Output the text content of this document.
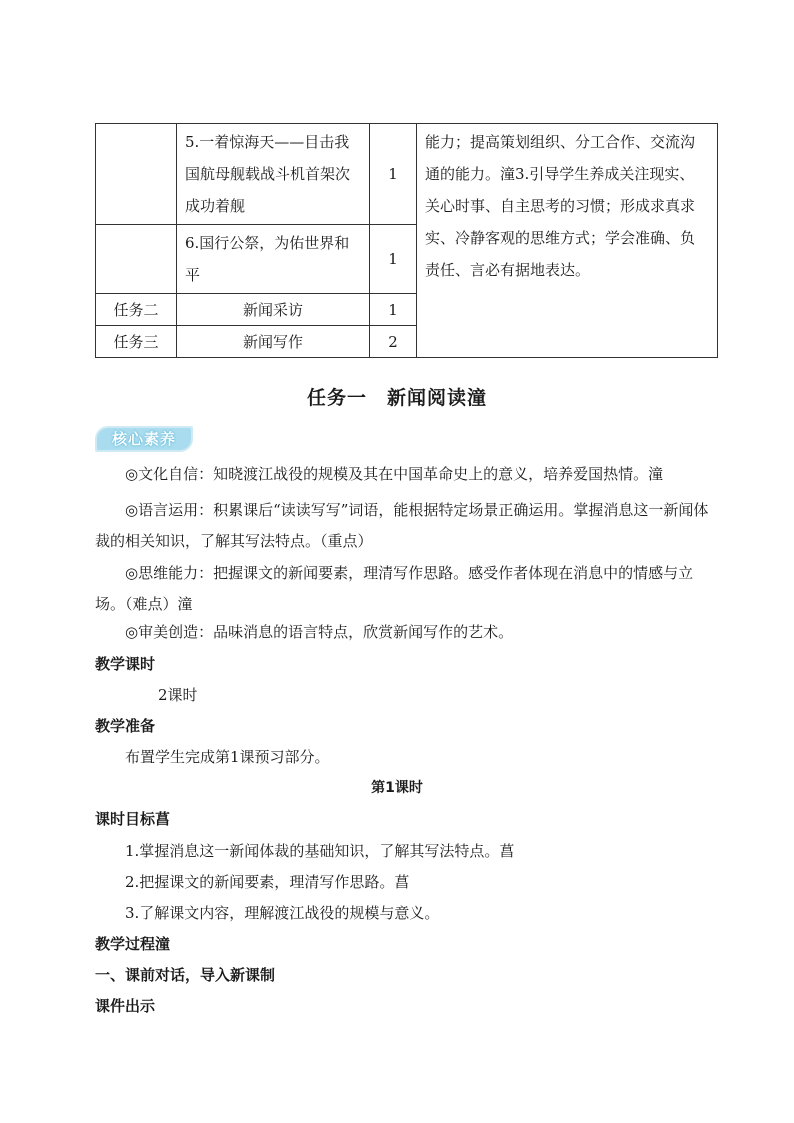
	5.一着惊海天——目击我国航母舰载战斗机首架次成功着舰	1	能力；提高策划组织、分工合作、交流沟通的能力。潼3.引导学生养成关注现实、关心时事、自主思考的习惯；形成求真求实、冷静客观的思维方式；学会准确、负责任、言必有据地表达。

	6.国行公祭，为佑世界和平	1	
任务二	新闻采访	1	
任务三	新闻写作	2	
任务一　新闻阅读潼
核心素养
◎文化自信：知晓渡江战役的规模及其在中国革命史上的意义，培养爱国热情。潼
◎语言运用：积累课后“读读写写”词语，能根据特定场景正确运用。掌握消息这一新闻体裁的相关知识，了解其写法特点。（重点）
◎思维能力：把握课文的新闻要素，理清写作思路。感受作者体现在消息中的情感与立场。（难点）潼
◎审美创造：品味消息的语言特点，欣赏新闻写作的艺术。
教学课时
2课时
教学准备
布置学生完成第1课预习部分。
第1课时
课时目标菖
1.掌握消息这一新闻体裁的基础知识，了解其写法特点。菖
2.把握课文的新闻要素，理清写作思路。菖
3.了解课文内容，理解渡江战役的规模与意义。
教学过程潼
一、课前对话，导入新课制
课件出示
